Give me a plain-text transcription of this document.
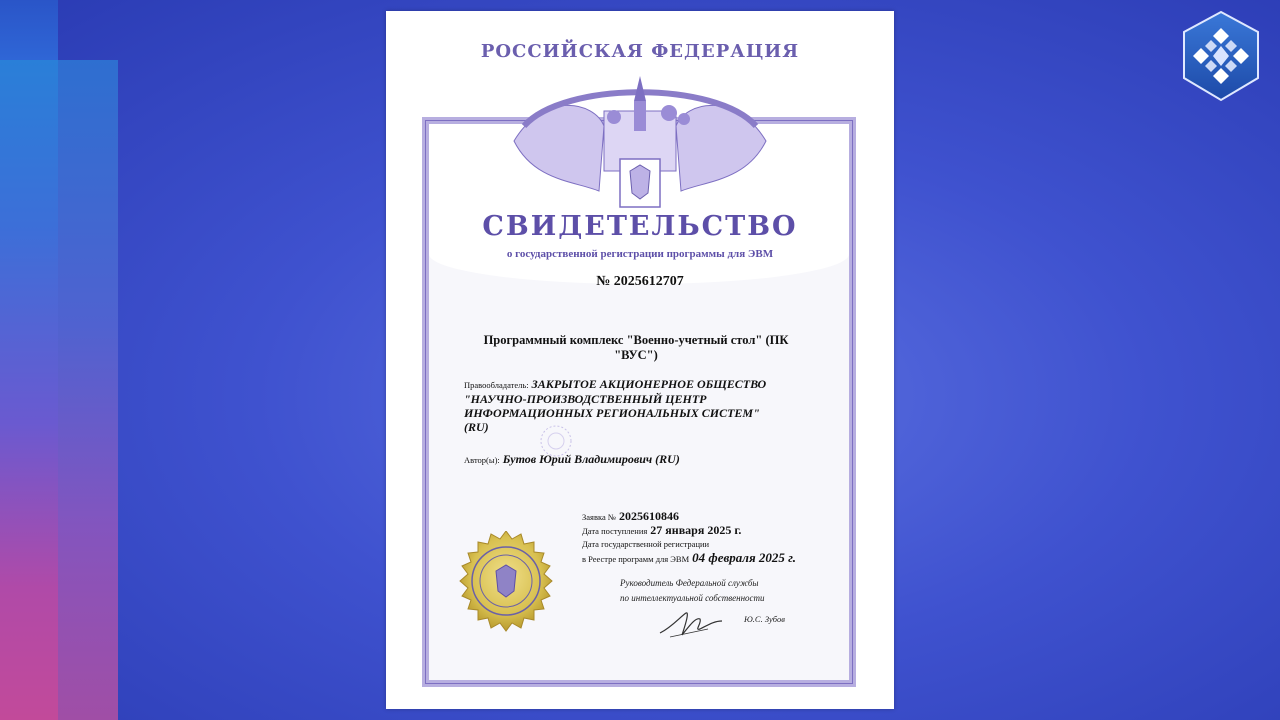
РОССИЙСКАЯ ФЕДЕРАЦИЯ
СВИДЕТЕЛЬСТВО
о государственной регистрации программы для ЭВМ
№ 2025612707
Программный комплекс "Военно-учетный стол" (ПК
"ВУС")
Правообладатель: ЗАКРЫТОЕ АКЦИОНЕРНОЕ ОБЩЕСТВО
"НАУЧНО-ПРОИЗВОДСТВЕННЫЙ ЦЕНТР
ИНФОРМАЦИОННЫХ РЕГИОНАЛЬНЫХ СИСТЕМ"
(RU)
Автор(ы): Бутов Юрий Владимирович (RU)
Заявка № 2025610846
Дата поступления 27 января 2025 г.
Дата государственной регистрации
в Реестре программ для ЭВМ 04 февраля 2025 г.
Руководитель Федеральной службы
по интеллектуальной собственности
Ю.С. Зубов
